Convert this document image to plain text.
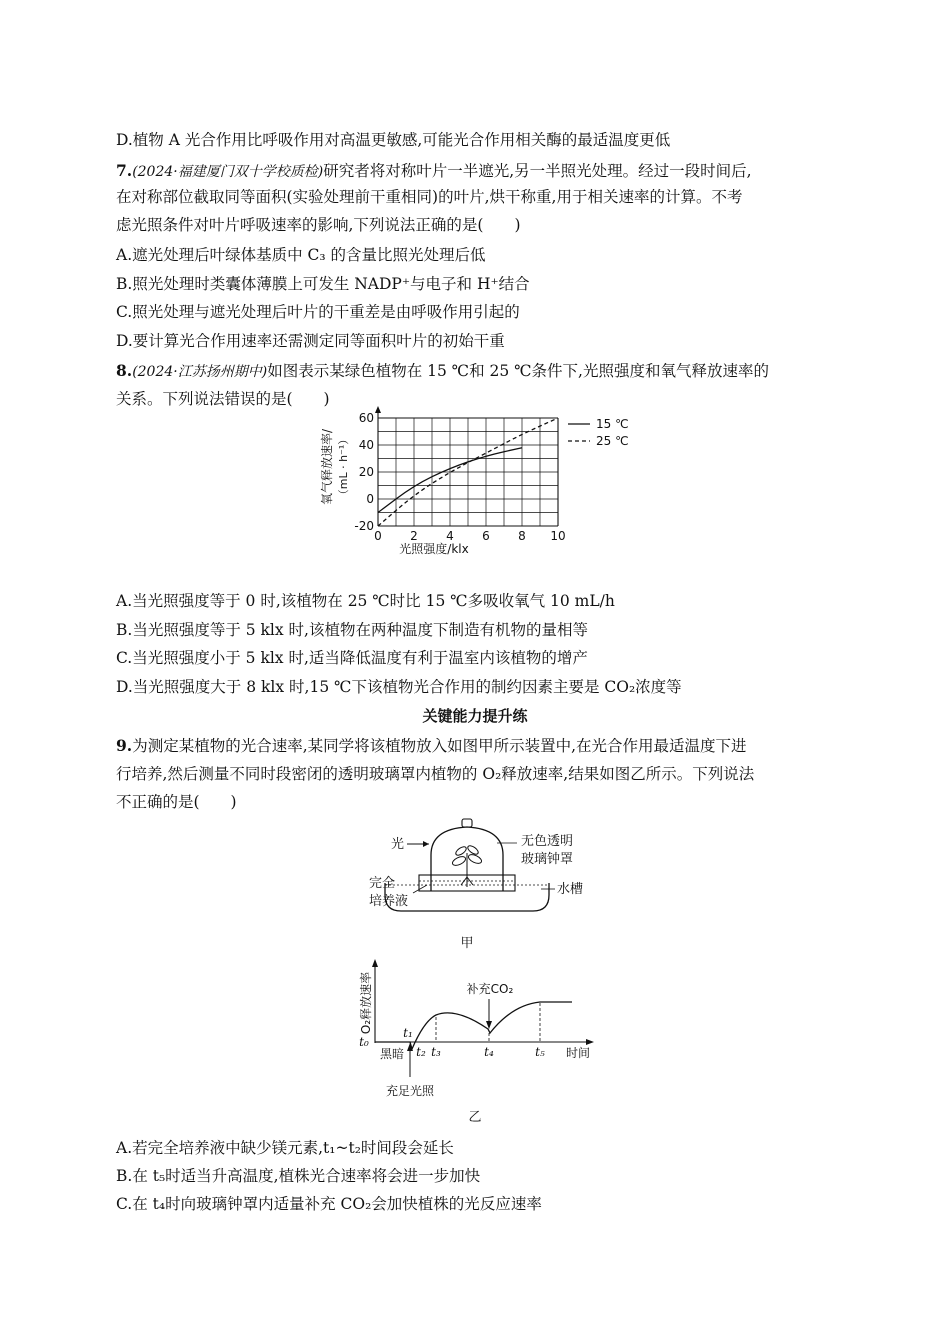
D.植物 A 光合作用比呼吸作用对高温更敏感,可能光合作用相关酶的最适温度更低
7.(2024·福建厦门双十学校质检)研究者将对称叶片一半遮光,另一半照光处理。经过一段时间后,
在对称部位截取同等面积(实验处理前干重相同)的叶片,烘干称重,用于相关速率的计算。不考
虑光照条件对叶片呼吸速率的影响,下列说法正确的是(　　)
A.遮光处理后叶绿体基质中 C₃ 的含量比照光处理后低
B.照光处理时类囊体薄膜上可发生 NADP⁺与电子和 H⁺结合
C.照光处理与遮光处理后叶片的干重差是由呼吸作用引起的
D.要计算光合作用速率还需测定同等面积叶片的初始干重
8.(2024·江苏扬州期中)如图表示某绿色植物在 15 ℃和 25 ℃条件下,光照强度和氧气释放速率的
关系。下列说法错误的是(　　)
0 2 4 6 8 10
-20
0
20
40
60
光照强度/klx
氧气释放速率/ （mL · h⁻¹）
15 ℃
25 ℃
A.当光照强度等于 0 时,该植物在 25 ℃时比 15 ℃多吸收氧气 10 mL/h
B.当光照强度等于 5 klx 时,该植物在两种温度下制造有机物的量相等
C.当光照强度小于 5 klx 时,适当降低温度有利于温室内该植物的增产
D.当光照强度大于 8 klx 时,15 ℃下该植物光合作用的制约因素主要是 CO₂浓度等
关键能力提升练
9.为测定某植物的光合速率,某同学将该植物放入如图甲所示装置中,在光合作用最适温度下进
行培养,然后测量不同时段密闭的透明玻璃罩内植物的 O₂释放速率,结果如图乙所示。下列说法
不正确的是(　　)
光	无色透明
玻璃钟罩
完全
培养液
水槽
甲
O₂释放速率
时间
补充CO₂
充足光照
黑暗
t₀
t₁
t₂ t₃	t₄	t₅
乙
A.若完全培养液中缺少镁元素,t₁~t₂时间段会延长
B.在 t₅时适当升高温度,植株光合速率将会进一步加快
C.在 t₄时向玻璃钟罩内适量补充 CO₂会加快植株的光反应速率
